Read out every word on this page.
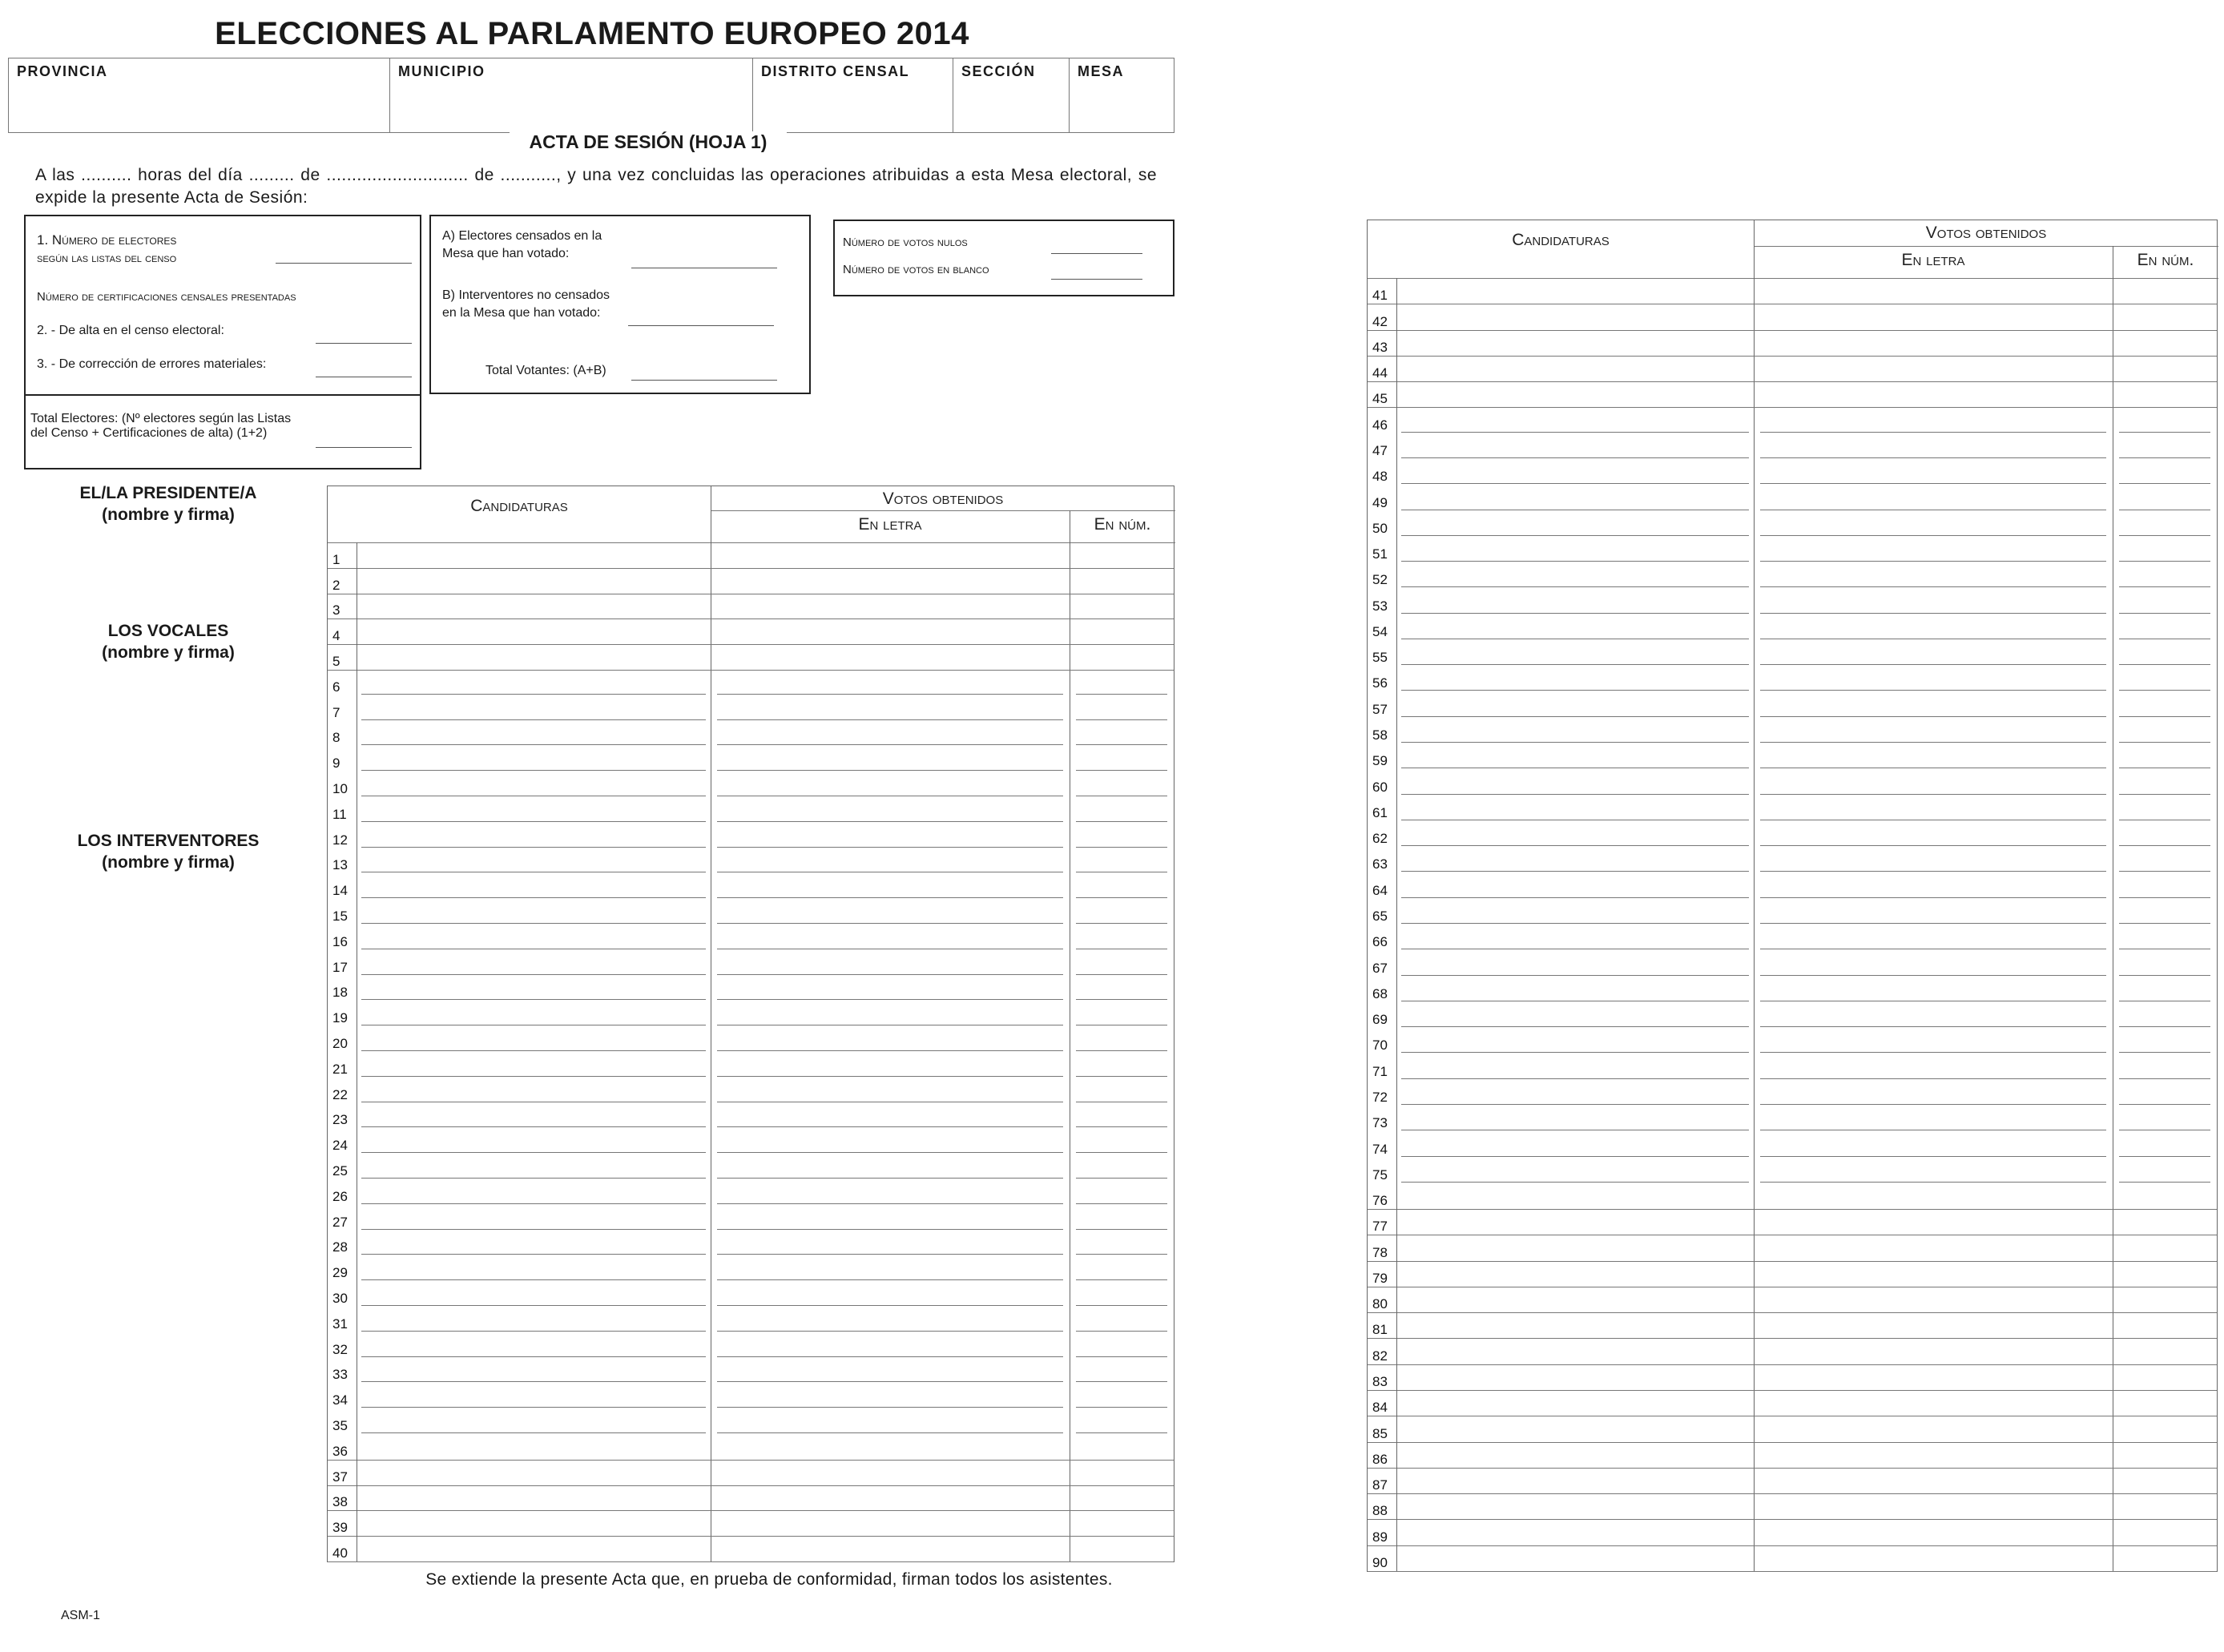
ELECCIONES AL PARLAMENTO EUROPEO 2014
PROVINCIA	MUNICIPIO	DISTRITO CENSAL	SECCIÓN	MESA
ACTA DE SESIÓN (HOJA 1)
A las .......... horas del día ......... de ............................ de ..........., y una vez concluidas las operaciones atribuidas a esta Mesa electoral, se expide la presente Acta de Sesión:
1. Número de electores
según las listas del censo
Número de certificaciones censales presentadas
2. - De alta en el censo electoral:
3. - De corrección de errores materiales:
Total Electores: (Nº electores según las Listas
del Censo + Certificaciones de alta) (1+2)
A) Electores censados en la
Mesa que han votado:
B) Interventores no censados
en la Mesa que han votado:
Total Votantes: (A+B)
Número de votos nulos
Número de votos en blanco
EL/LA PRESIDENTE/A
(nombre y firma)
LOS VOCALES
(nombre y firma)
LOS INTERVENTORES
(nombre y firma)
Candidaturas	Votos obtenidos
En letra	En núm.
1
2
3
4
5
6
7
8
9
10
11
12
13
14
15
16
17
18
19
20
21
22
23
24
25
26
27
28
29
30
31
32
33
34
35
36
37
38
39
40
Candidaturas	Votos obtenidos
En letra	En núm.
41
42
43
44
45
46
47
48
49
50
51
52
53
54
55
56
57
58
59
60
61
62
63
64
65
66
67
68
69
70
71
72
73
74
75
76
77
78
79
80
81
82
83
84
85
86
87
88
89
90
Se extiende la presente Acta que, en prueba de conformidad, firman todos los asistentes.
ASM-1
